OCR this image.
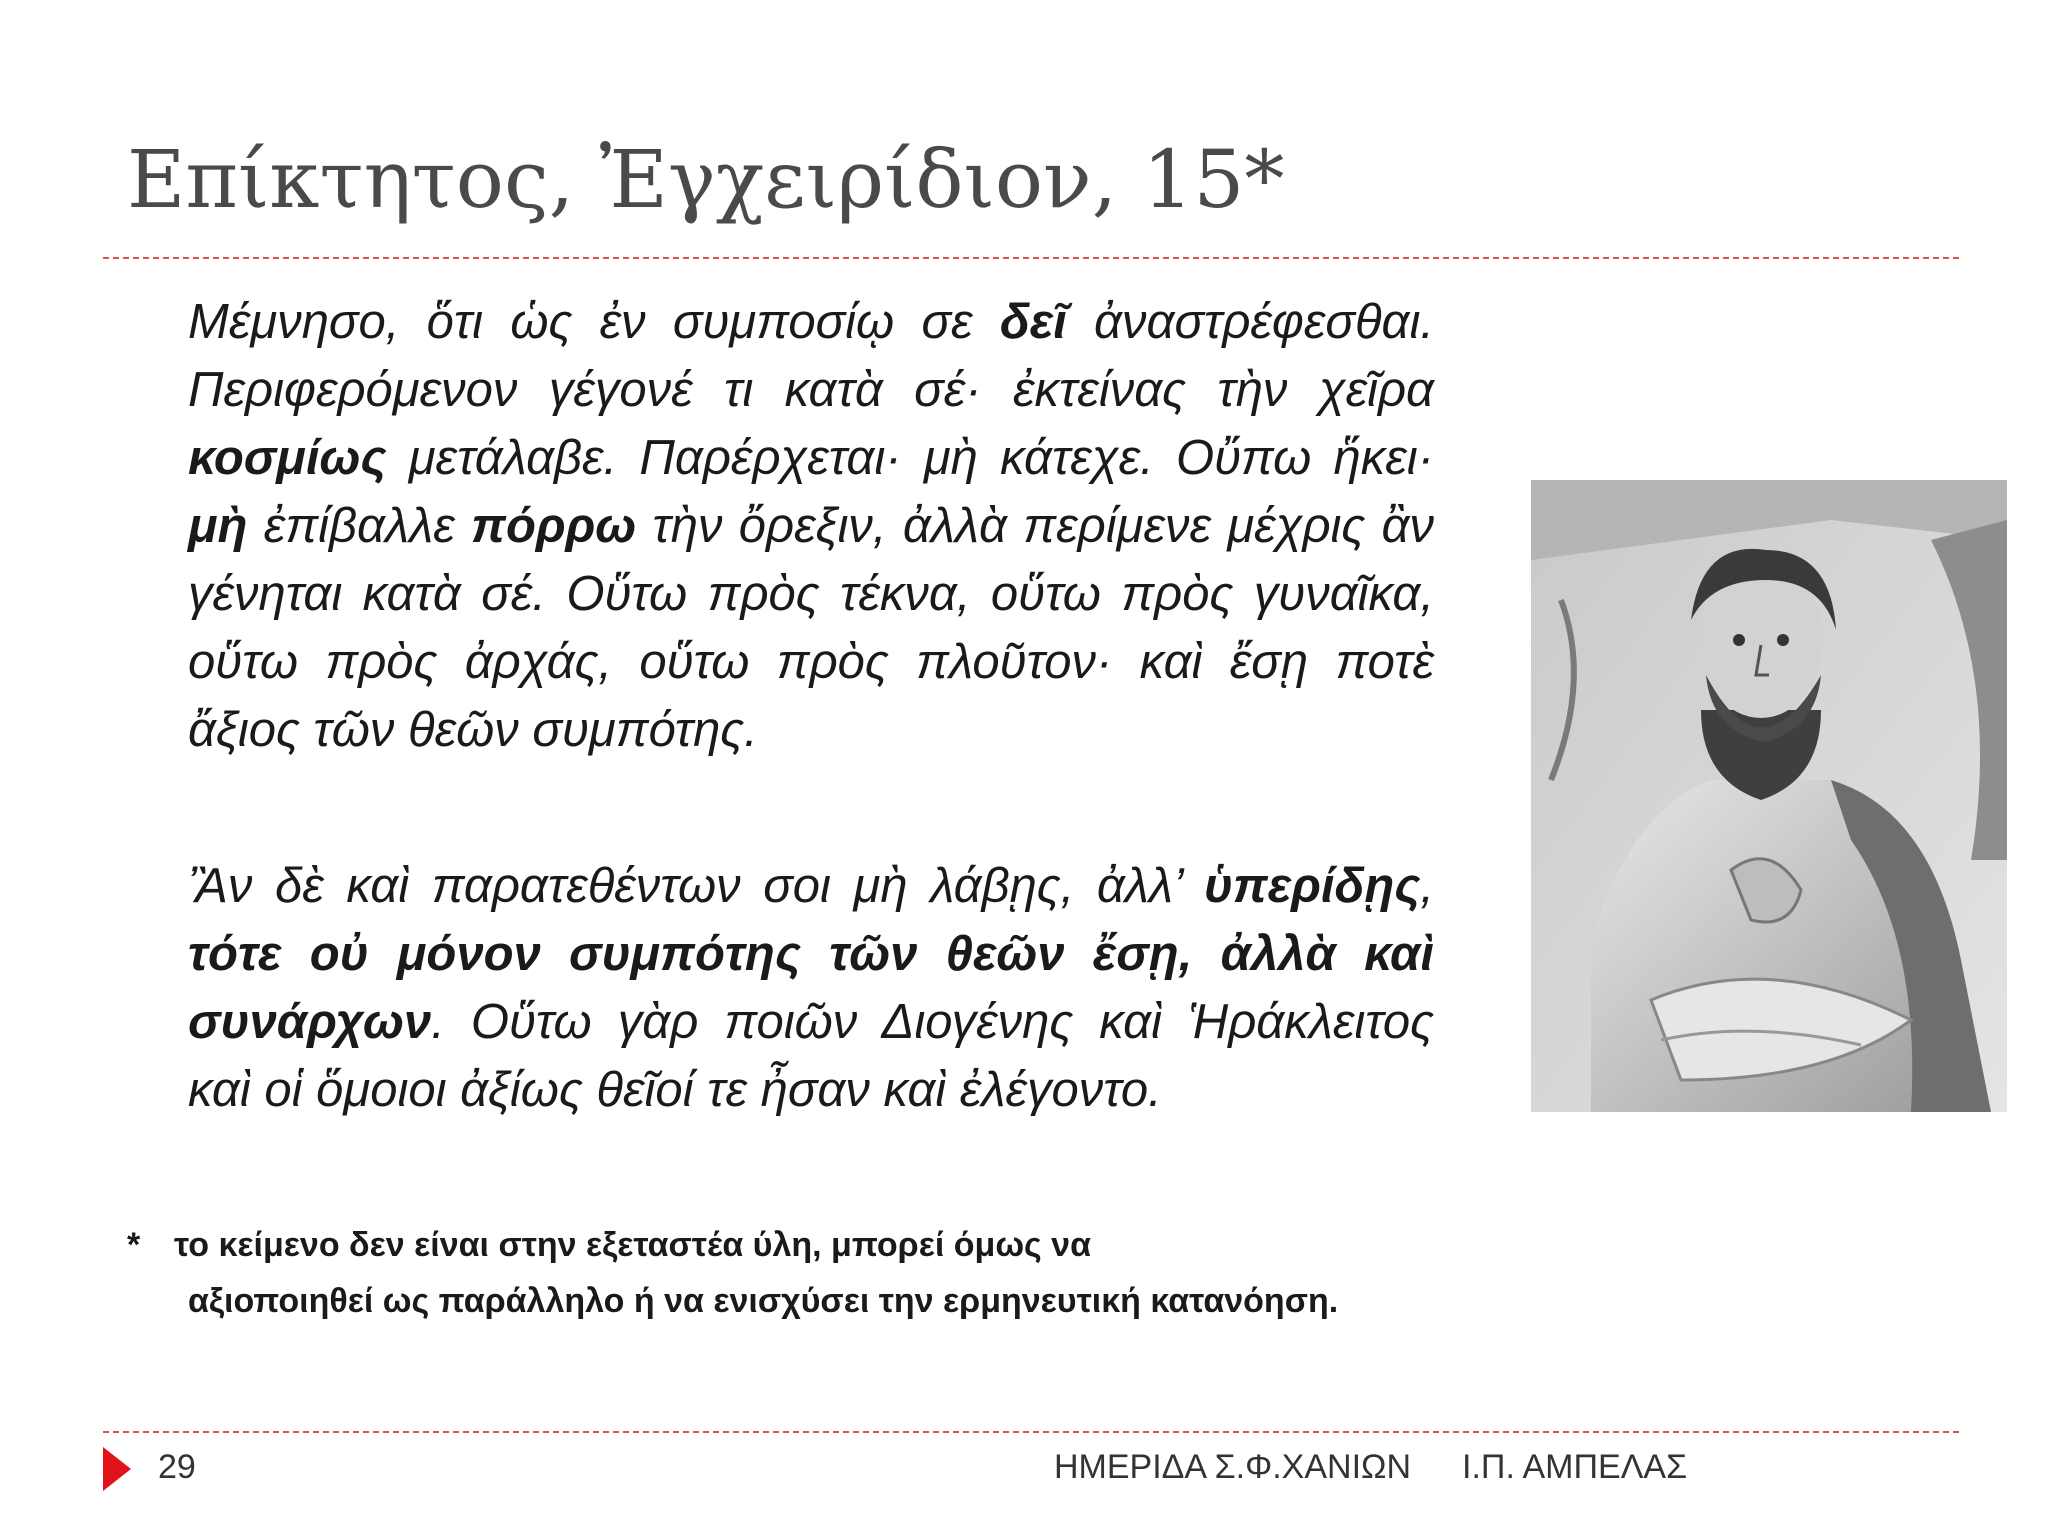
Επίκτητος, Ἐγχειρίδιον, 15*
Μέμνησο, ὅτι ὡς ἐν συμποσίῳ σε δεῖ ἀναστρέφεσθαι. Περιφερόμενον γέγονέ τι κατὰ σέ· ἐκτείνας τὴν χεῖρα κοσμίως μετάλαβε. Παρέρχεται· μὴ κάτεχε. Οὔπω ἥκει· μὴ ἐπίβαλλε πόρρω τὴν ὄρεξιν, ἀλλὰ περίμενε μέχρις ἂν γένηται κατὰ σέ. Οὕτω πρὸς τέκνα, οὕτω πρὸς γυναῖκα, οὕτω πρὸς ἀρχάς, οὕτω πρὸς πλοῦτον· καὶ ἔσῃ ποτὲ ἄξιος τῶν θεῶν συμπότης.
Ἂν δὲ καὶ παρατεθέντων σοι μὴ λάβῃς, ἀλλ’ ὑπερίδῃς, τότε οὐ μόνον συμπότης τῶν θεῶν ἔσῃ, ἀλλὰ καὶ συνάρχων. Οὕτω γὰρ ποιῶν Διογένης καὶ Ἡράκλειτος καὶ οἱ ὅμοιοι ἀξίως θεῖοί τε ἦσαν καὶ ἐλέγοντο.
* το κείμενο δεν είναι στην εξεταστέα ύλη, μπορεί όμως να
αξιοποιηθεί ως παράλληλο ή να ενισχύσει την ερμηνευτική κατανόηση.
29	ΗΜΕΡΙΔΑ Σ.Φ.ΧΑΝΙΩΝ Ι.Π. ΑΜΠΕΛΑΣ
